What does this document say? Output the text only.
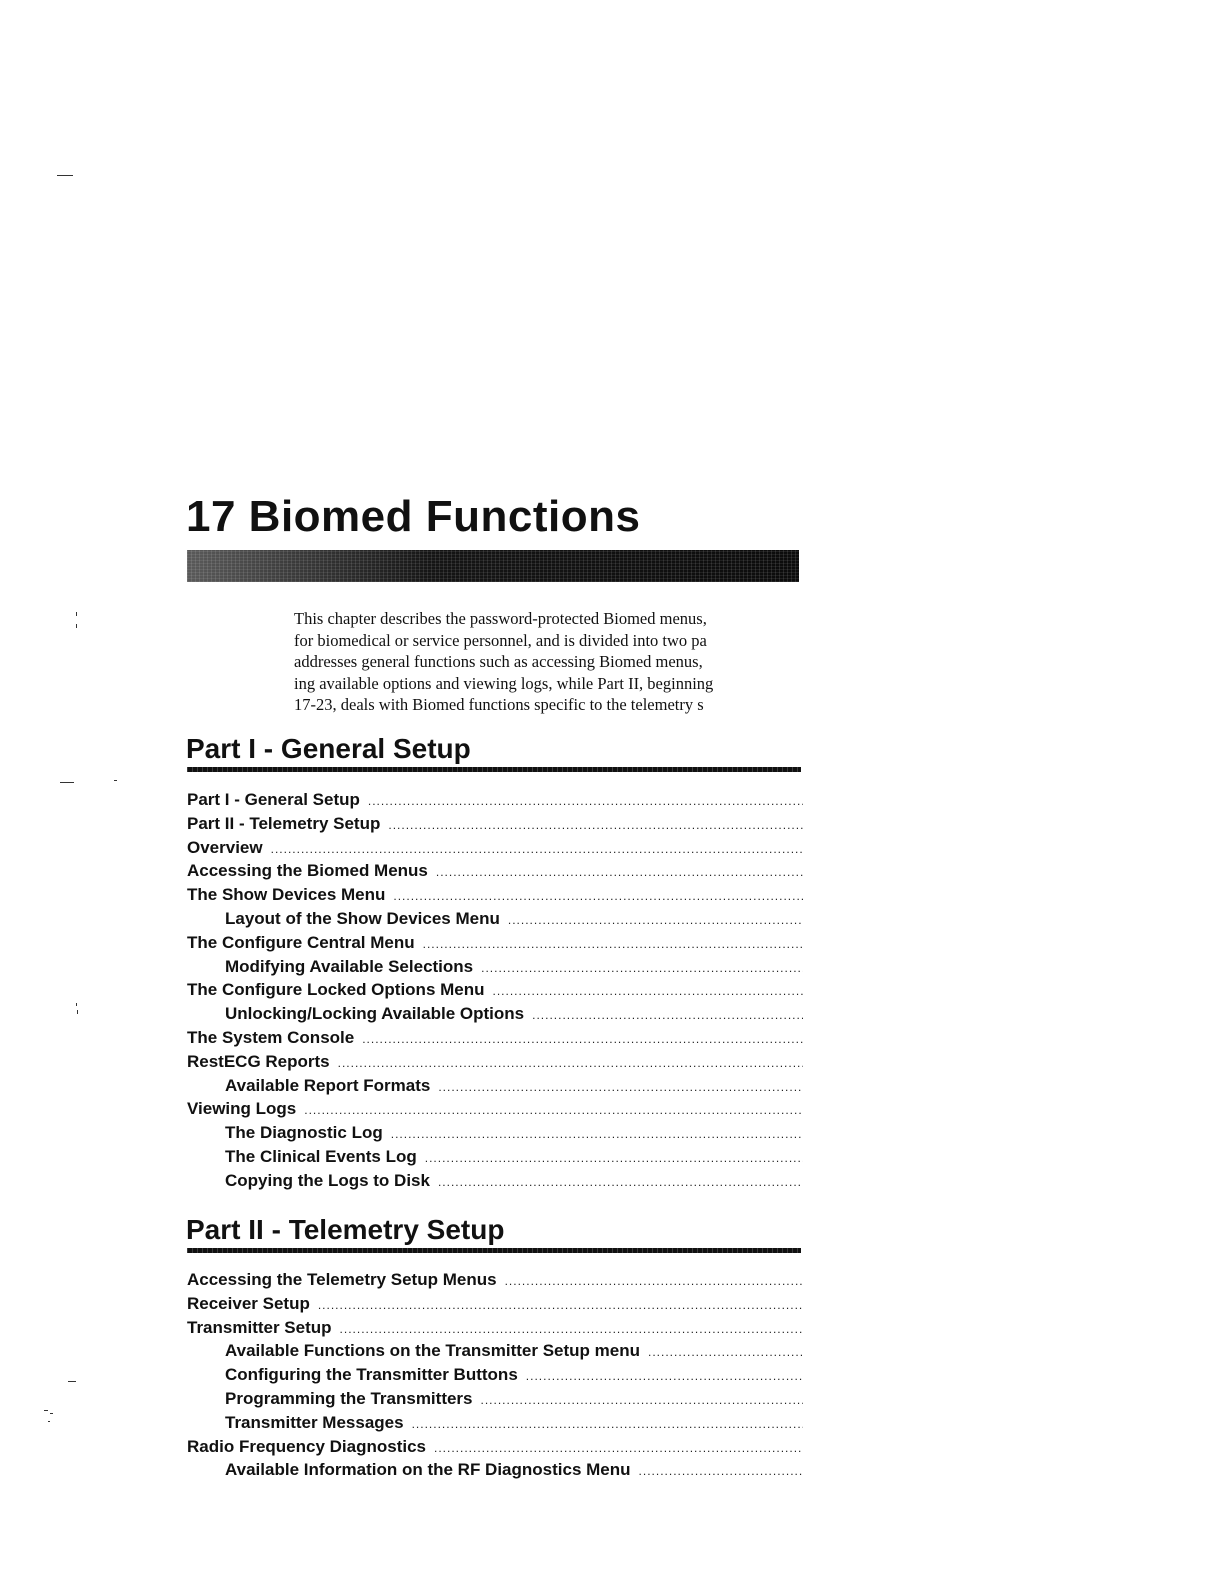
17 Biomed Functions
This chapter describes the password-protected Biomed menus,
for biomedical or service personnel, and is divided into two pa
addresses general functions such as accessing Biomed menus,
ing available options and viewing logs, while Part II, beginning
17-23, deals with Biomed functions specific to the telemetry s
Part I - General Setup
Part I - General Setup
.....
Part II - Telemetry Setup
.....
Overview
.....
Accessing the Biomed Menus
.....
The Show Devices Menu
.....
Layout of the Show Devices Menu
.....
The Configure Central Menu
.....
Modifying Available Selections
.....
The Configure Locked Options Menu
.....
Unlocking/Locking Available Options
.....
The System Console
.....
RestECG Reports
.....
Available Report Formats
.....
Viewing Logs
.....
The Diagnostic Log
.....
The Clinical Events Log
.....
Copying the Logs to Disk
.....
Part II - Telemetry Setup
Accessing the Telemetry Setup Menus
.....
Receiver Setup
.....
Transmitter Setup
.....
Available Functions on the Transmitter Setup menu
.....
Configuring the Transmitter Buttons
.....
Programming the Transmitters
.....
Transmitter Messages
.....
Radio Frequency Diagnostics
.....
Available Information on the RF Diagnostics Menu
.....
